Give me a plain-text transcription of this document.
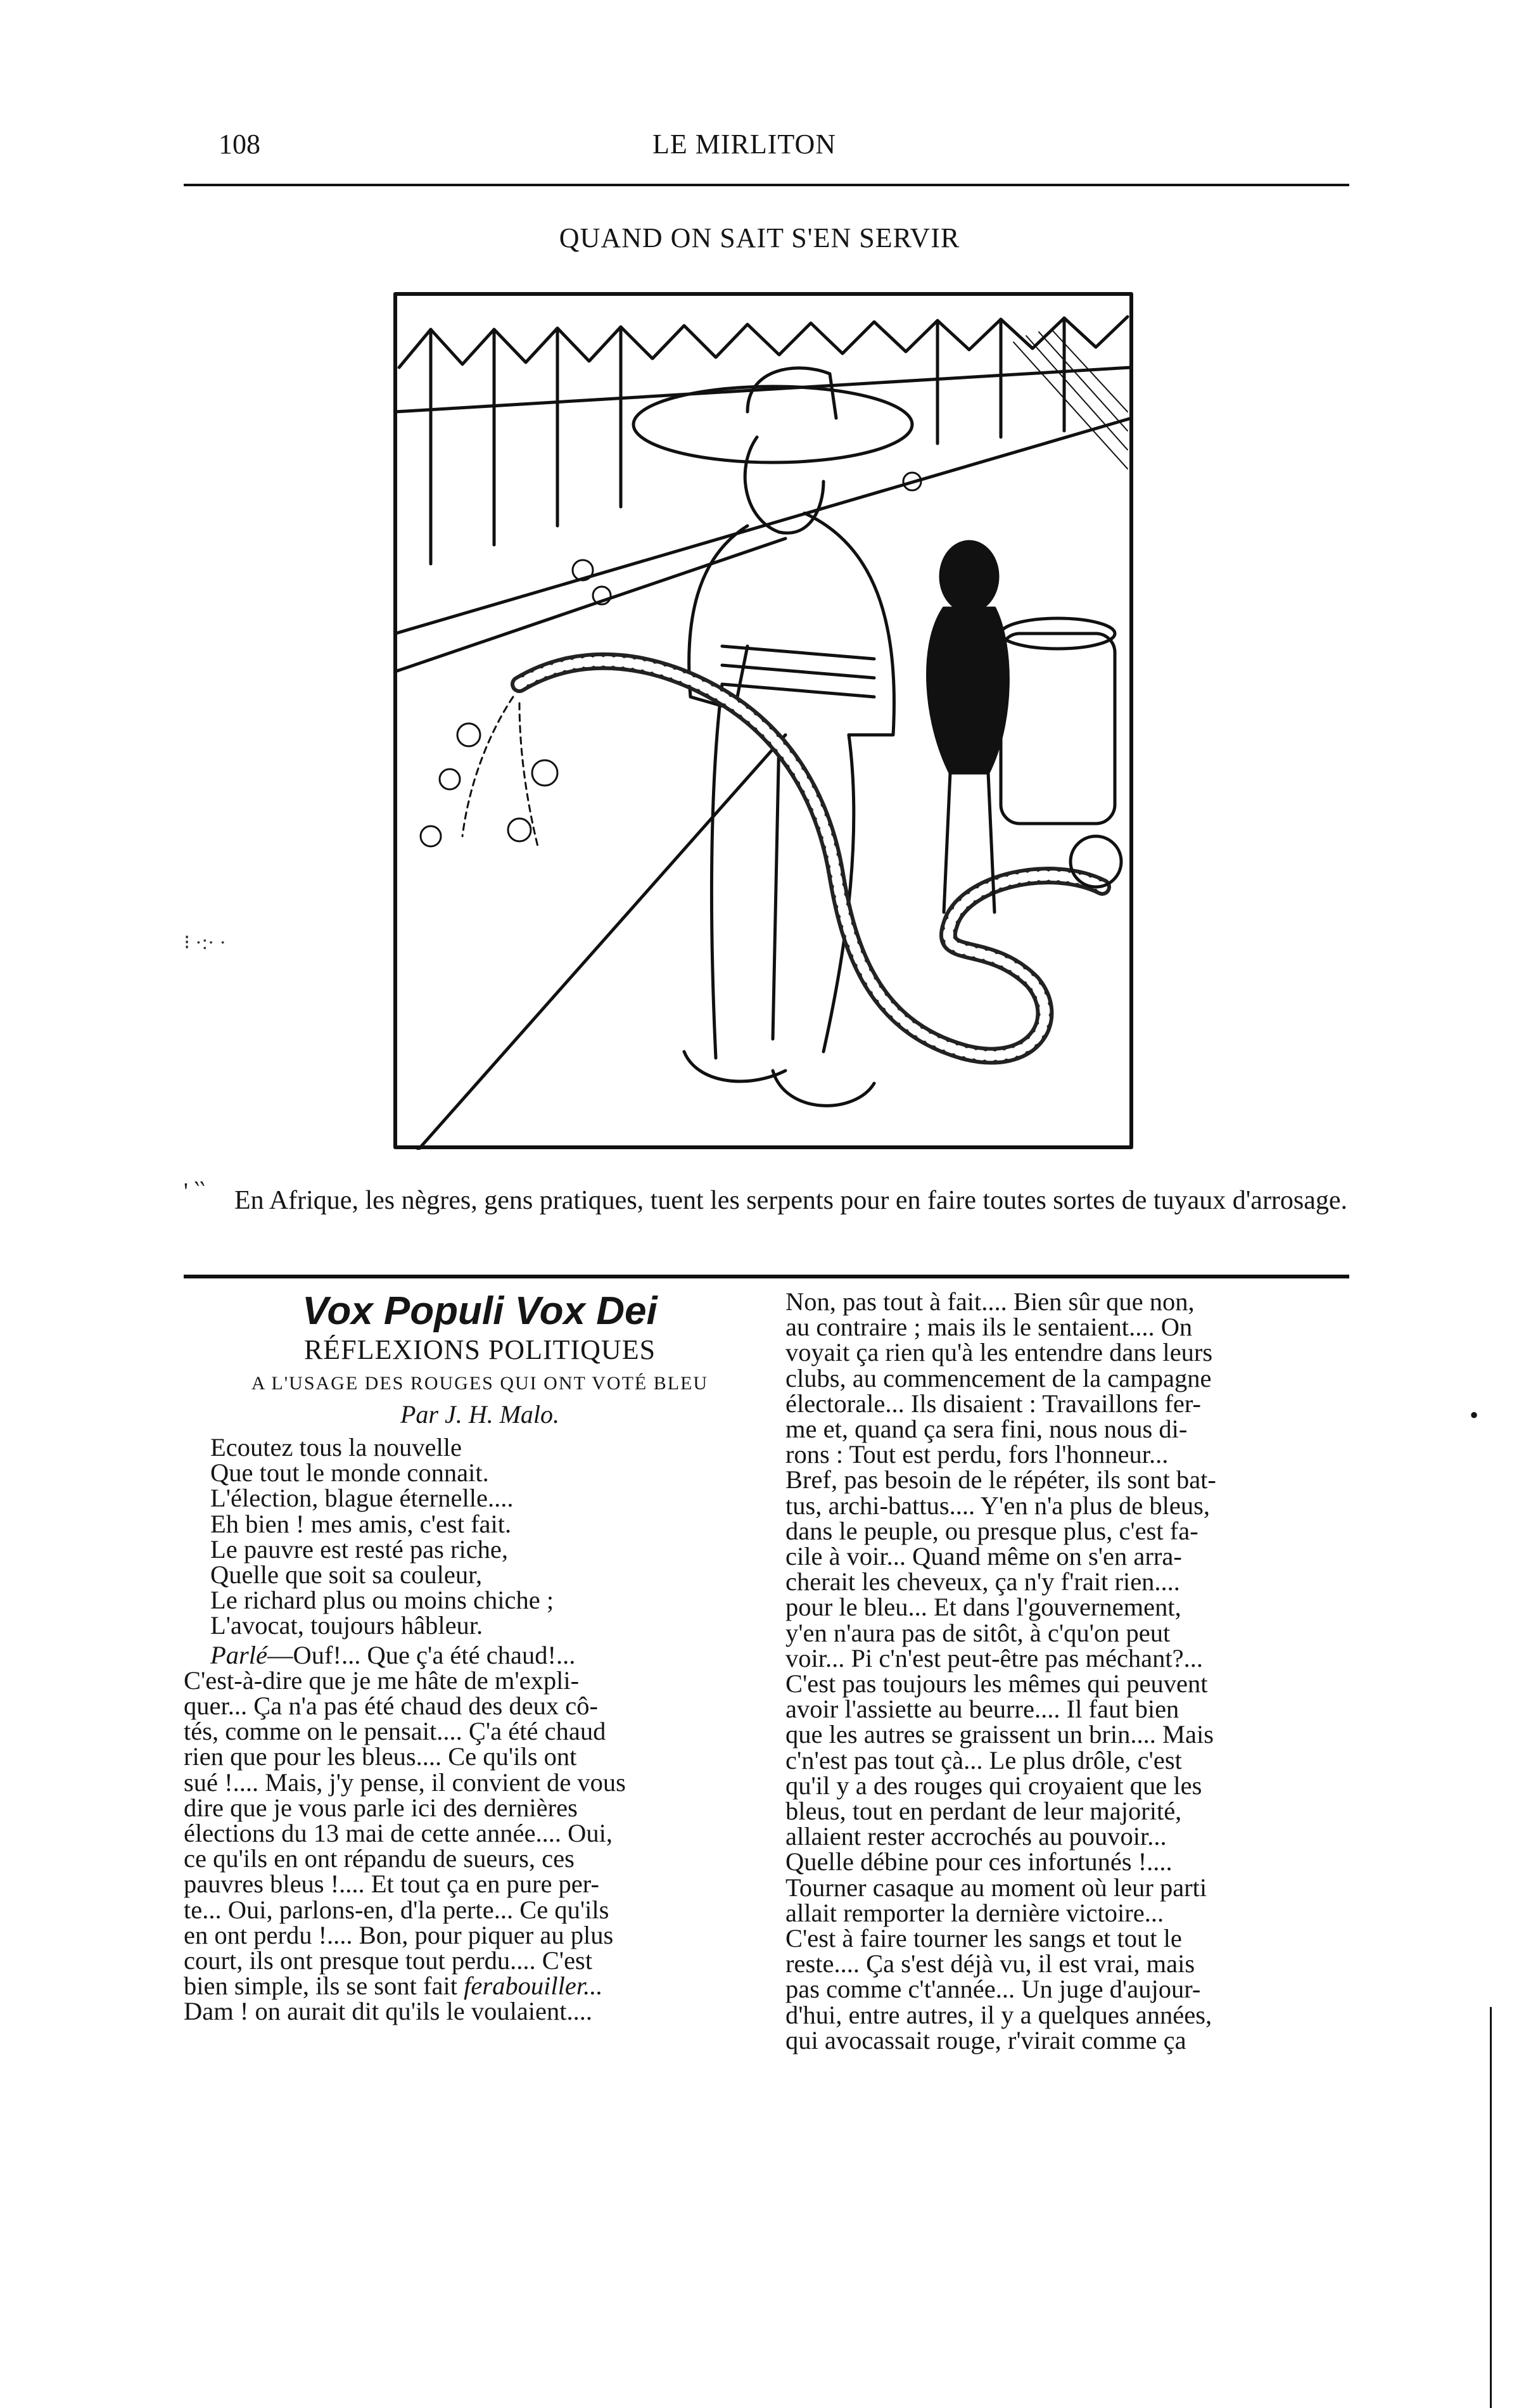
108	LE MIRLITON
QUAND ON SAIT S'EN SERVIR
⁝ ·:· ·
' ‵‵	En Afrique, les nègres, gens pratiques, tuent les serpents pour en faire toutes sortes de tuyaux d'arrosage.

Vox Populi Vox Dei

RÉFLEXIONS POLITIQUES

A L'USAGE DES ROUGES QUI ONT VOTÉ BLEU

Par J. H. Malo.

Ecoutez tous la nouvelle
Que tout le monde connait.
L'élection, blague éternelle....
Eh bien ! mes amis, c'est fait.
Le pauvre est resté pas riche,
Quelle que soit sa couleur,
Le richard plus ou moins chiche ;
L'avocat, toujours hâbleur.
Parlé—Ouf!... Que ç'a été chaud!...
C'est-à-dire que je me hâte de m'expli-
quer... Ça n'a pas été chaud des deux cô-
tés, comme on le pensait.... Ç'a été chaud
rien que pour les bleus.... Ce qu'ils ont
sué !.... Mais, j'y pense, il convient de vous
dire que je vous parle ici des dernières
élections du 13 mai de cette année.... Oui,
ce qu'ils en ont répandu de sueurs, ces
pauvres bleus !.... Et tout ça en pure per-
te... Oui, parlons-en, d'la perte... Ce qu'ils
en ont perdu !.... Bon, pour piquer au plus
court, ils ont presque tout perdu.... C'est
bien simple, ils se sont fait ferabouiller...
Dam ! on aurait dit qu'ils le voulaient....
Non, pas tout à fait.... Bien sûr que non,
au contraire ; mais ils le sentaient.... On
voyait ça rien qu'à les entendre dans leurs
clubs, au commencement de la campagne
électorale... Ils disaient : Travaillons fer-
me et, quand ça sera fini, nous nous di-
rons : Tout est perdu, fors l'honneur...
Bref, pas besoin de le répéter, ils sont bat-
tus, archi-battus.... Y'en n'a plus de bleus,
dans le peuple, ou presque plus, c'est fa-
cile à voir... Quand même on s'en arra-
cherait les cheveux, ça n'y f'rait rien....
pour le bleu... Et dans l'gouvernement,
y'en n'aura pas de sitôt, à c'qu'on peut
voir... Pi c'n'est peut-être pas méchant?...
C'est pas toujours les mêmes qui peuvent
avoir l'assiette au beurre.... Il faut bien
que les autres se graissent un brin.... Mais
c'n'est pas tout çà... Le plus drôle, c'est
qu'il y a des rouges qui croyaient que les
bleus, tout en perdant de leur majorité,
allaient rester accrochés au pouvoir...
Quelle débine pour ces infortunés !....
Tourner casaque au moment où leur parti
allait remporter la dernière victoire...
C'est à faire tourner les sangs et tout le
reste.... Ça s'est déjà vu, il est vrai, mais
pas comme c't'année... Un juge d'aujour-
d'hui, entre autres, il y a quelques années,
qui avocassait rouge, r'virait comme ça
•
